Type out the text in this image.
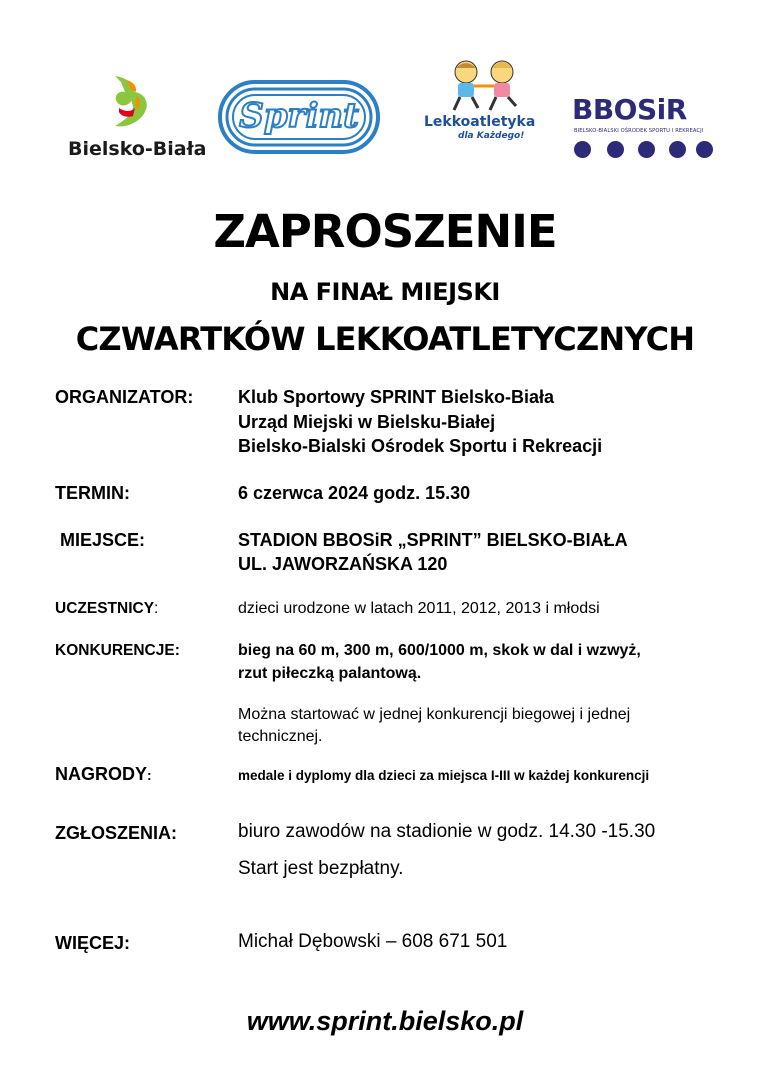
Bielsko-Biała
Sprint	Lekkoatletyka
dla Każdego!
BBOSiR
BIELSKO-BIALSKI OŚRODEK SPORTU I REKREACJI
ZAPROSZENIE
NA FINAŁ MIEJSKI
CZWARTKÓW LEKKOATLETYCZNYCH
ORGANIZATOR: Klub Sportowy SPRINT Bielsko-Biała
Urząd Miejski w Bielsku-Białej
Bielsko-Bialski Ośrodek Sportu i Rekreacji
TERMIN:	6 czerwca 2024 godz. 15.30
MIEJSCE:	STADION BBOSiR „SPRINT” BIELSKO-BIAŁA
UL. JAWORZAŃSKA 120
UCZESTNICY:	dzieci urodzone w latach 2011, 2012, 2013 i młodsi
KONKURENCJE:	bieg na 60 m, 300 m, 600/1000 m, skok w dal i wzwyż,
rzut piłeczką palantową.
Można startować w jednej konkurencji biegowej i jednej
technicznej.
NAGRODY:	medale i dyplomy dla dzieci za miejsca I-III w każdej konkurencji
ZGŁOSZENIA:	biuro zawodów na stadionie w godz. 14.30 -15.30
Start jest bezpłatny.
WIĘCEJ:	Michał Dębowski – 608 671 501
www.sprint.bielsko.pl
